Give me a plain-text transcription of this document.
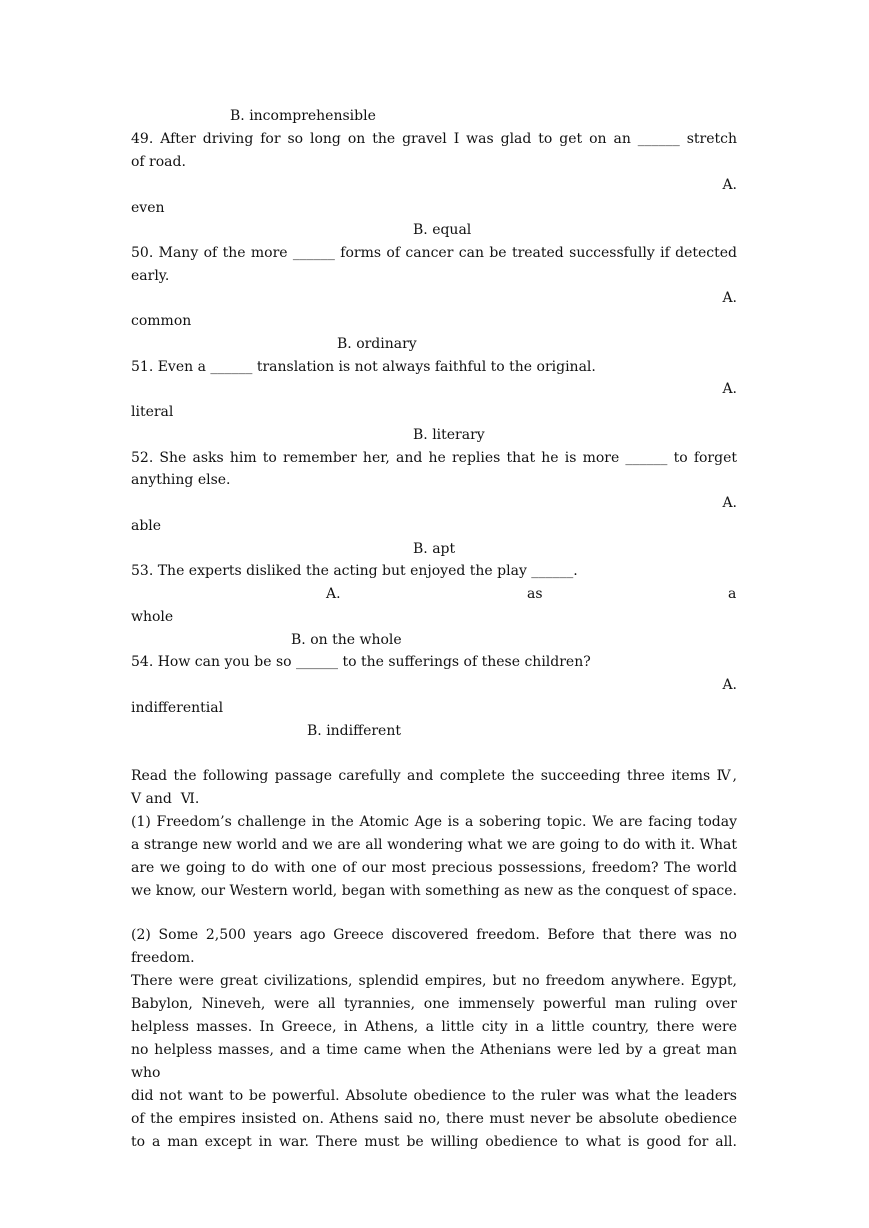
B. incomprehensible
49. After driving for so long on the gravel I was glad to get on an ______ stretch
of road.
A.
even
B. equal
50. Many of the more ______ forms of cancer can be treated successfully if detected
early.
A.
common
B. ordinary
51. Even a ______ translation is not always faithful to the original.
A.
literal
B. literary
52. She asks him to remember her, and he replies that he is more ______ to forget
anything else.
A.
able
B. apt
53. The experts disliked the acting but enjoyed the play ______.
A.	as	a
whole
B. on the whole
54. How can you be so ______ to the sufferings of these children?
A.
indifferential
B. indifferent
Read the following passage carefully and complete the succeeding three items Ⅳ,
V and  Ⅵ.
(1) Freedom’s challenge in the Atomic Age is a sobering topic. We are facing today
a strange new world and we are all wondering what we are going to do with it. What
are we going to do with one of our most precious possessions, freedom? The world
we know, our Western world, began with something as new as the conquest of space.
(2) Some 2,500 years ago Greece discovered freedom. Before that there was no freedom.
There were great civilizations, splendid empires, but no freedom anywhere. Egypt,
Babylon, Nineveh, were all tyrannies, one immensely powerful man ruling over
helpless masses. In Greece, in Athens, a little city in a little country, there were
no helpless masses, and a time came when the Athenians were led by a great man who
did not want to be powerful. Absolute obedience to the ruler was what the leaders
of the empires insisted on. Athens said no, there must never be absolute obedience
to a man except in war. There must be willing obedience to what is good for all.
